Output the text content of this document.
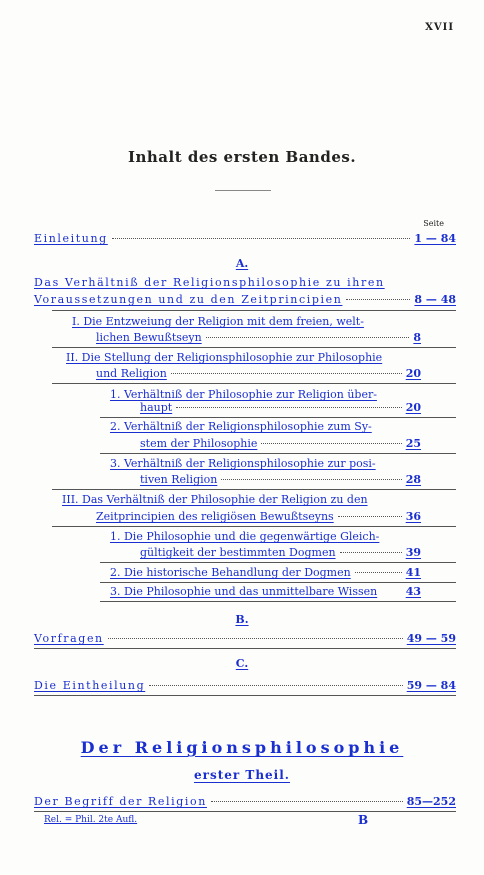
XVII
Inhalt des ersten Bandes.
Seite
Einleitung	1 — 84
A.
Das Verhältniß der Religionsphilosophie zu ihren
Voraussetzungen und zu den Zeitprincipien	8 — 48
I. Die Entzweiung der Religion mit dem freien, welt-
lichen Bewußtseyn	8
II. Die Stellung der Religionsphilosophie zur Philosophie
und Religion	20
1. Verhältniß der Philosophie zur Religion über-
haupt	20
2. Verhältniß der Religionsphilosophie zum Sy-
stem der Philosophie	25
3. Verhältniß der Religionsphilosophie zur posi-
tiven Religion	28
III. Das Verhältniß der Philosophie der Religion zu den
Zeitprincipien des religiösen Bewußtseyns	36
1. Die Philosophie und die gegenwärtige Gleich-
gültigkeit der bestimmten Dogmen	39
2. Die historische Behandlung der Dogmen	41
3. Die Philosophie und das unmittelbare Wissen	43
B.
Vorfragen	49 — 59
C.
Die Eintheilung	59 — 84
Der Religionsphilosophie
erster Theil.
Der Begriff der Religion	85—252
Rel. = Phil. 2te Aufl.	B
